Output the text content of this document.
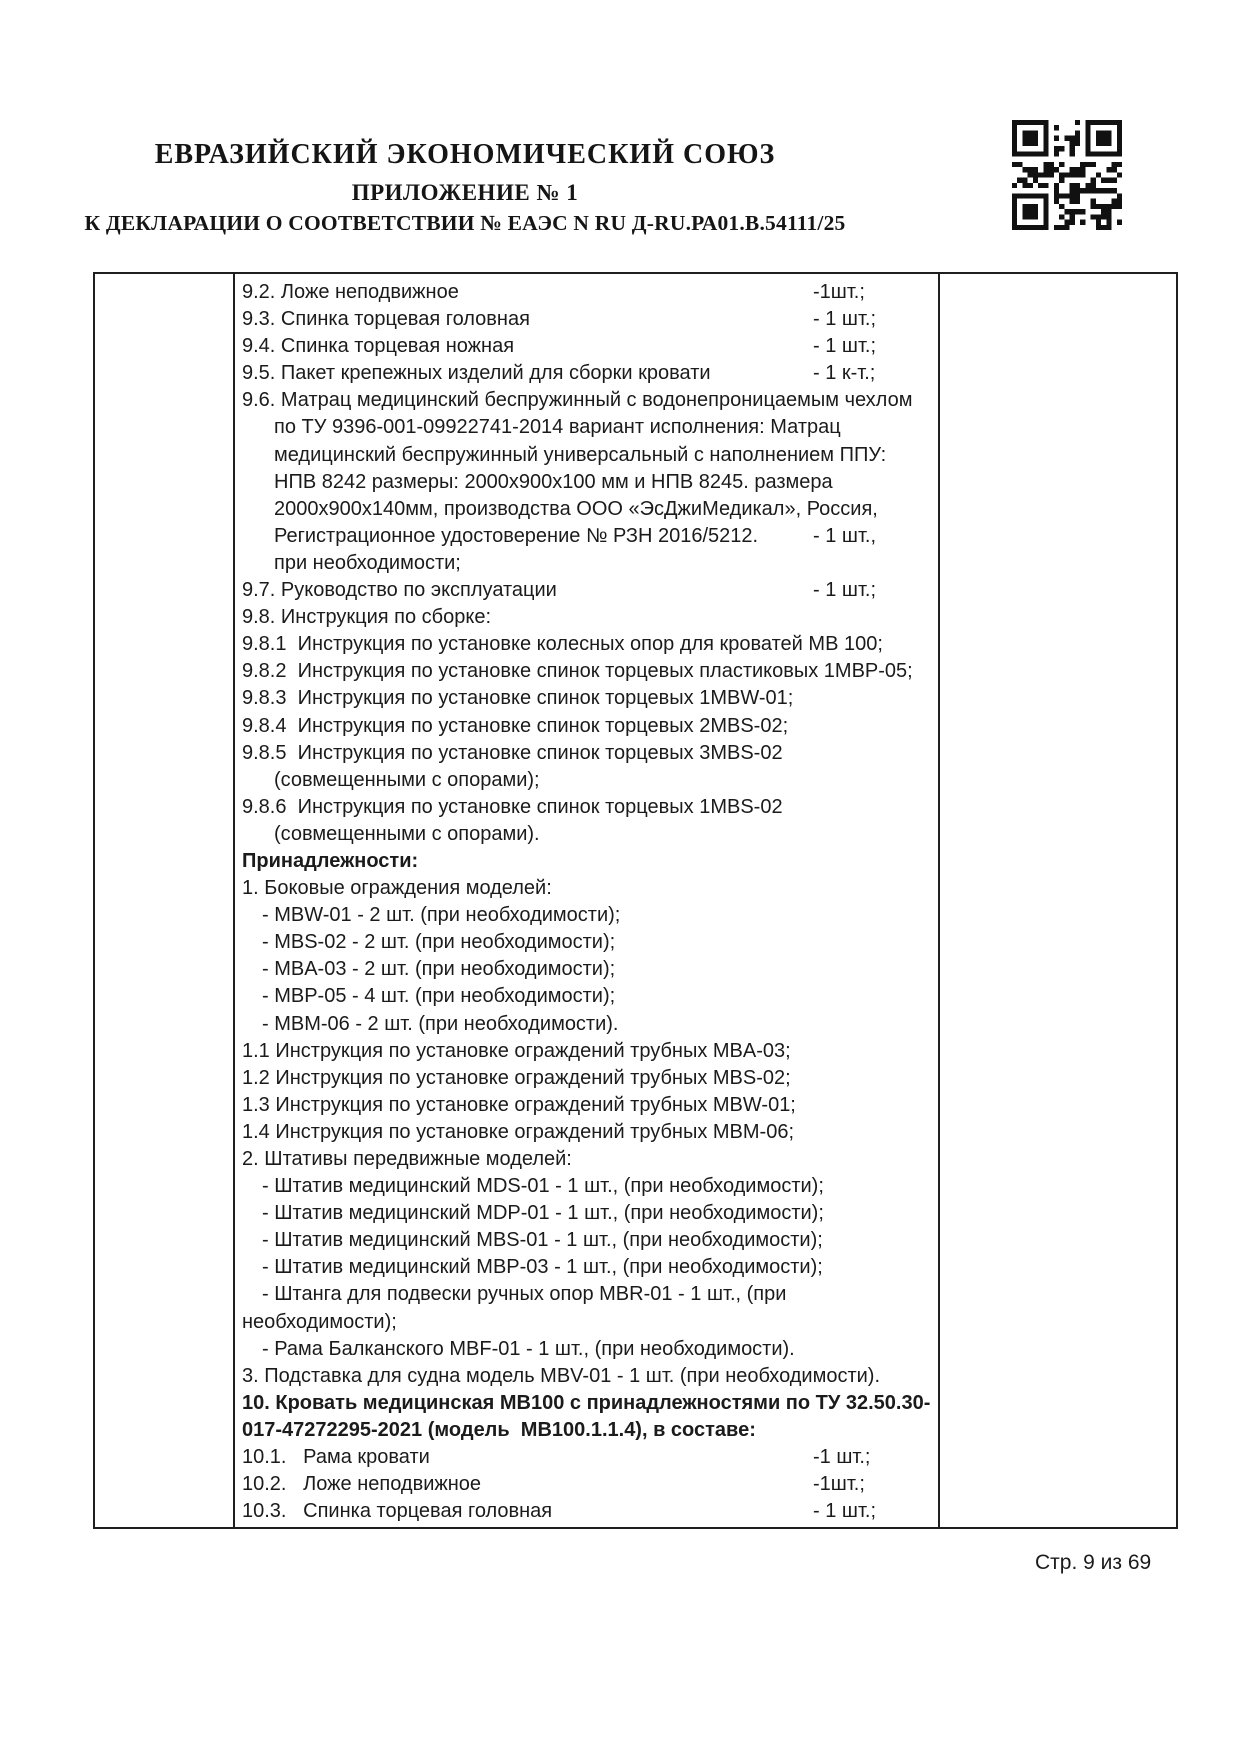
ЕВРАЗИЙСКИЙ ЭКОНОМИЧЕСКИЙ СОЮЗ
ПРИЛОЖЕНИЕ № 1
К ДЕКЛАРАЦИИ О СООТВЕТСТВИИ № ЕАЭС N RU Д-RU.РА01.В.54111/25
9.2. Ложе неподвижное	-1шт.;
9.3. Спинка торцевая головная	- 1 шт.;
9.4. Спинка торцевая ножная	- 1 шт.;
9.5. Пакет крепежных изделий для сборки кровати	- 1 к-т.;
9.6. Матрац медицинский беспружинный с водонепроницаемым чехлом
по ТУ 9396-001-09922741-2014 вариант исполнения: Матрац
медицинский беспружинный универсальный с наполнением ППУ:
НПВ 8242 размеры: 2000х900х100 мм и НПВ 8245. размера
2000х900х140мм, производства ООО «ЭсДжиМедикал», Россия,
Регистрационное удостоверение № РЗН 2016/5212.	- 1 шт.,
при необходимости;
9.7. Руководство по эксплуатации	- 1 шт.;
9.8. Инструкция по сборке:
9.8.1  Инструкция по установке колесных опор для кроватей МВ 100;
9.8.2  Инструкция по установке спинок торцевых пластиковых 1МВР-05;
9.8.3  Инструкция по установке спинок торцевых 1MBW-01;
9.8.4  Инструкция по установке спинок торцевых 2MBS-02;
9.8.5  Инструкция по установке спинок торцевых 3MBS-02
(совмещенными с опорами);
9.8.6  Инструкция по установке спинок торцевых 1MBS-02
(совмещенными с опорами).
Принадлежности:
1. Боковые ограждения моделей:
- MBW-01 - 2 шт. (при необходимости);
- MBS-02 - 2 шт. (при необходимости);
- MBA-03 - 2 шт. (при необходимости);
- MBP-05 - 4 шт. (при необходимости);
- MBM-06 - 2 шт. (при необходимости).
1.1 Инструкция по установке ограждений трубных MBA-03;
1.2 Инструкция по установке ограждений трубных MBS-02;
1.3 Инструкция по установке ограждений трубных MBW-01;
1.4 Инструкция по установке ограждений трубных MBM-06;
2. Штативы передвижные моделей:
- Штатив медицинский MDS-01 - 1 шт., (при необходимости);
- Штатив медицинский MDP-01 - 1 шт., (при необходимости);
- Штатив медицинский MBS-01 - 1 шт., (при необходимости);
- Штатив медицинский MBP-03 - 1 шт., (при необходимости);
- Штанга для подвески ручных опор MBR-01 - 1 шт., (при
необходимости);
- Рама Балканского MBF-01 - 1 шт., (при необходимости).
3. Подставка для судна модель MBV-01 - 1 шт. (при необходимости).
10. Кровать медицинская МВ100 с принадлежностями по ТУ 32.50.30-
017-47272295-2021 (модель  МВ100.1.1.4), в составе:
10.1.   Рама кровати	-1 шт.;
10.2.   Ложе неподвижное	-1шт.;
10.3.   Спинка торцевая головная	- 1 шт.;
Стр. 9 из 69
